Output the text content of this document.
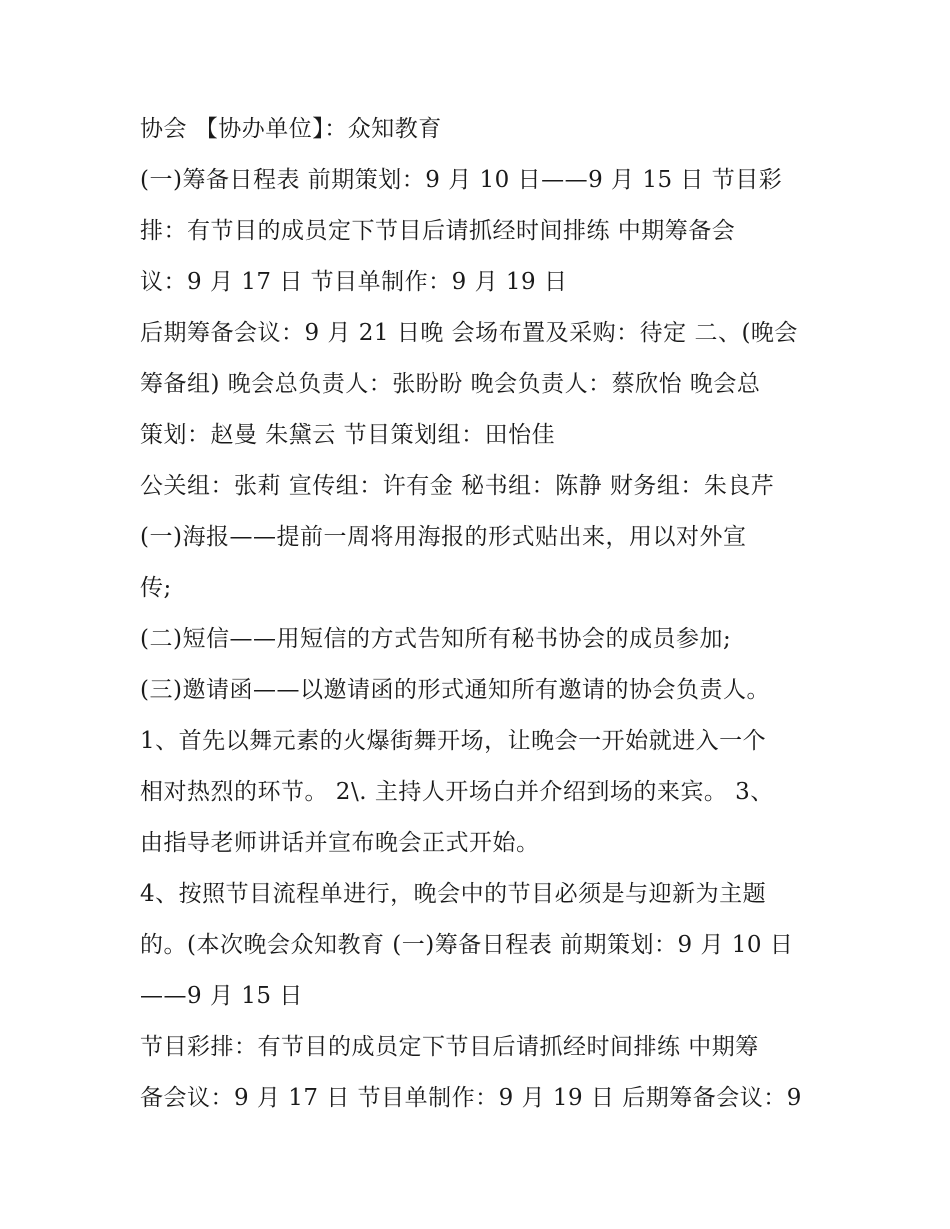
协会 【协办单位】：众知教育
(一)筹备日程表 前期策划：9 月 10 日——9 月 15 日 节目彩
排：有节目的成员定下节目后请抓经时间排练 中期筹备会
议：9 月 17 日 节目单制作：9 月 19 日
后期筹备会议：9 月 21 日晚 会场布置及采购：待定 二、(晚会
筹备组) 晚会总负责人：张盼盼 晚会负责人：蔡欣怡 晚会总
策划：赵曼 朱黛云 节目策划组：田怡佳
公关组：张莉 宣传组：许有金 秘书组：陈静 财务组：朱良芹
(一)海报——提前一周将用海报的形式贴出来，用以对外宣
传;
(二)短信——用短信的方式告知所有秘书协会的成员参加;
(三)邀请函——以邀请函的形式通知所有邀请的协会负责人。
1、首先以舞元素的火爆街舞开场，让晚会一开始就进入一个
相对热烈的环节。 2\. 主持人开场白并介绍到场的来宾。 3、
由指导老师讲话并宣布晚会正式开始。
4、按照节目流程单进行，晚会中的节目必须是与迎新为主题
的。(本次晚会众知教育 (一)筹备日程表 前期策划：9 月 10 日
——9 月 15 日
节目彩排：有节目的成员定下节目后请抓经时间排练 中期筹
备会议：9 月 17 日 节目单制作：9 月 19 日 后期筹备会议：9
